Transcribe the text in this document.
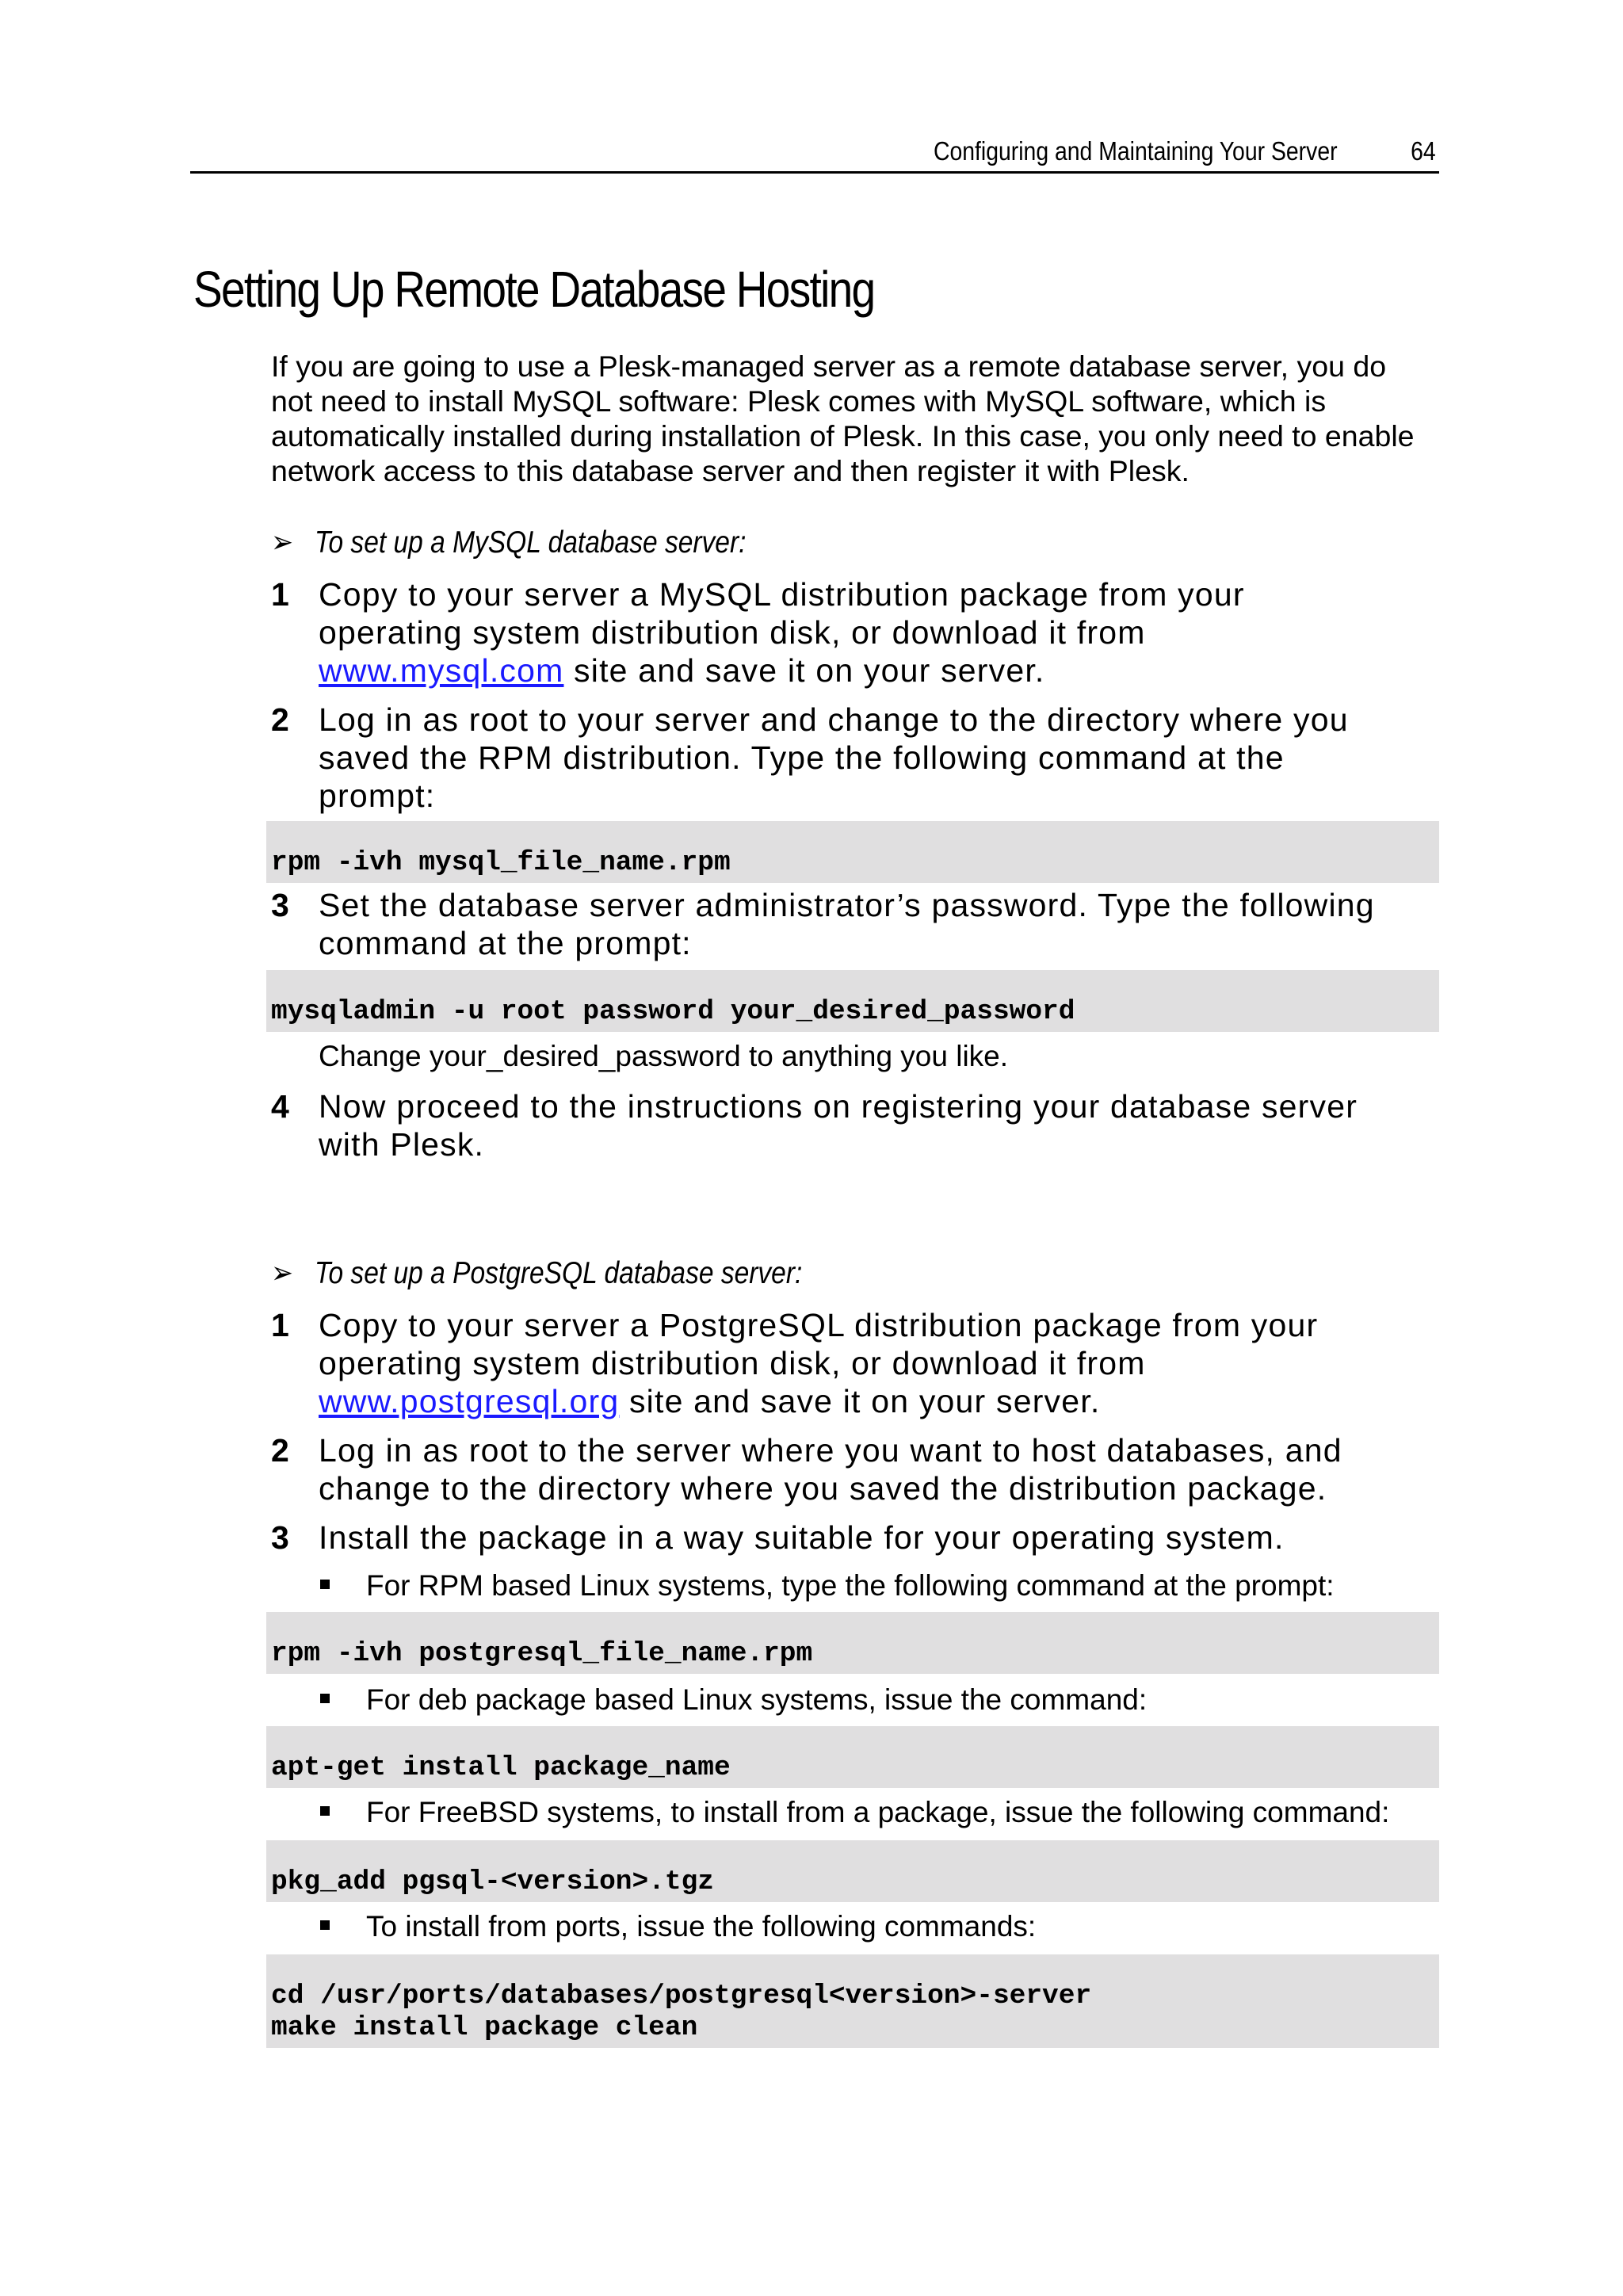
Configuring and Maintaining Your Server	64
Setting Up Remote Database Hosting
If you are going to use a Plesk-managed server as a remote database server, you do
not need to install MySQL software: Plesk comes with MySQL software, which is
automatically installed during installation of Plesk. In this case, you only need to enable
network access to this database server and then register it with Plesk.
➢ To set up a MySQL database server:
1 Copy to your server a MySQL distribution package from your
operating system distribution disk, or download it from
www.mysql.com site and save it on your server.
2 Log in as root to your server and change to the directory where you
saved the RPM distribution. Type the following command at the
prompt:
rpm -ivh mysql_file_name.rpm
3 Set the database server administrator’s password. Type the following
command at the prompt:
mysqladmin -u root password your_desired_password
Change your_desired_password to anything you like.
4 Now proceed to the instructions on registering your database server
with Plesk.
➢ To set up a PostgreSQL database server:
1 Copy to your server a PostgreSQL distribution package from your
operating system distribution disk, or download it from
www.postgresql.org site and save it on your server.
2 Log in as root to the server where you want to host databases, and
change to the directory where you saved the distribution package.
3 Install the package in a way suitable for your operating system.
For RPM based Linux systems, type the following command at the prompt:
rpm -ivh postgresql_file_name.rpm
For deb package based Linux systems, issue the command:
apt-get install package_name
For FreeBSD systems, to install from a package, issue the following command:
pkg_add pgsql-<version>.tgz
To install from ports, issue the following commands:
cd /usr/ports/databases/postgresql<version>-server
make install package clean
